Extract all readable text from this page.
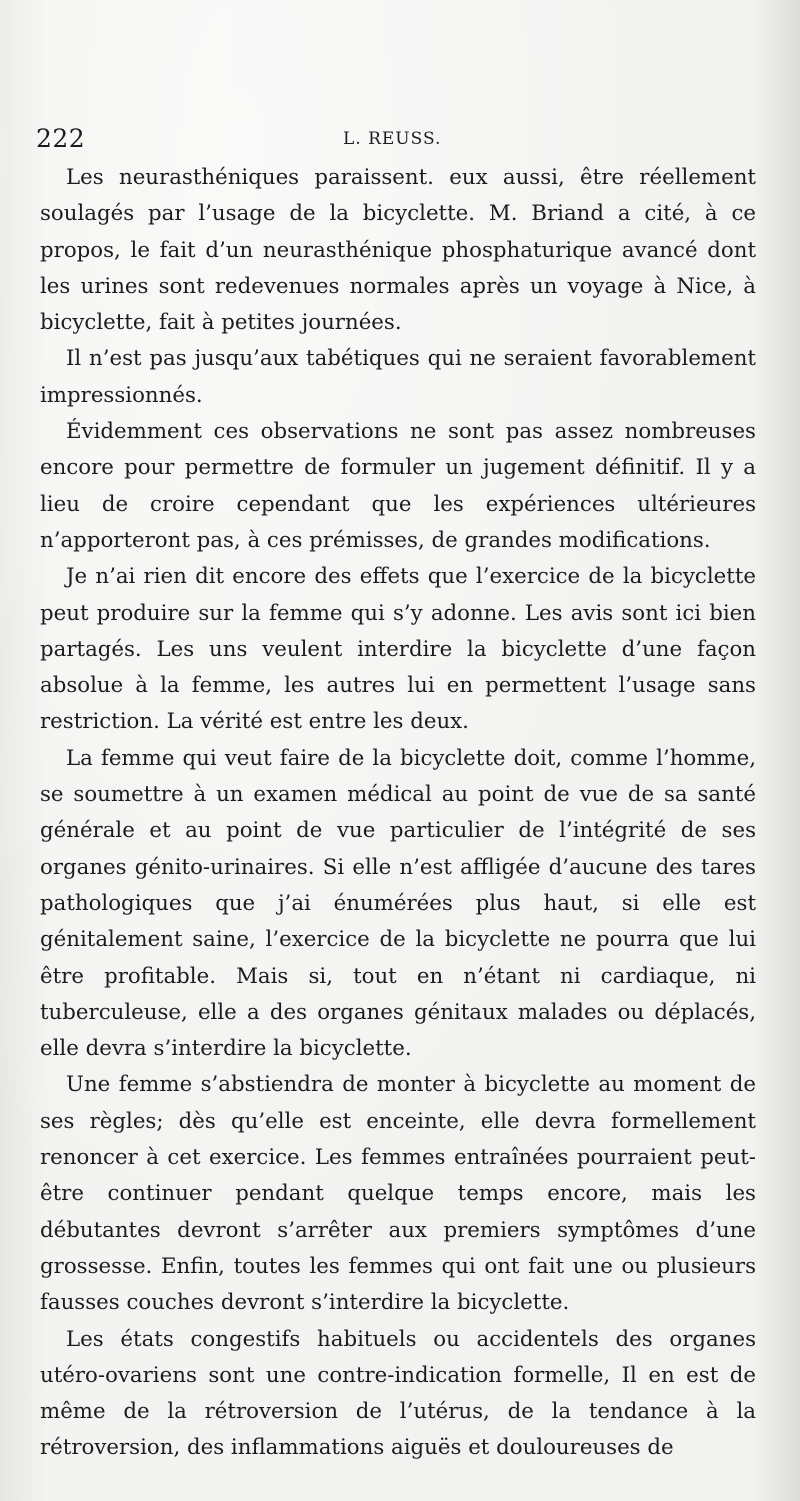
222	L. REUSS.

Les neurasthéniques paraissent. eux aussi, être réellement soulagés par l’usage de la bicyclette. M. Briand a cité, à ce propos, le fait d’un neurasthénique phosphaturique avancé dont les urines sont redevenues normales après un voyage à Nice, à bicyclette, fait à petites journées.

Il n’est pas jusqu’aux tabétiques qui ne seraient favorablement impressionnés.

Évidemment ces observations ne sont pas assez nombreuses encore pour permettre de formuler un jugement définitif. Il y a lieu de croire cependant que les expériences ultérieures n’apporteront pas, à ces prémisses, de grandes modifications.

Je n’ai rien dit encore des effets que l’exercice de la bicyclette peut produire sur la femme qui s’y adonne. Les avis sont ici bien partagés. Les uns veulent interdire la bicyclette d’une façon absolue à la femme, les autres lui en permettent l’usage sans restriction. La vérité est entre les deux.

La femme qui veut faire de la bicyclette doit, comme l’homme, se soumettre à un examen médical au point de vue de sa santé générale et au point de vue particulier de l’intégrité de ses organes génito-urinaires. Si elle n’est affligée d’aucune des tares pathologiques que j’ai énumérées plus haut, si elle est génitalement saine, l’exercice de la bicyclette ne pourra que lui être profitable. Mais si, tout en n’étant ni cardiaque, ni tuberculeuse, elle a des organes génitaux malades ou déplacés, elle devra s’interdire la bicyclette.

Une femme s’abstiendra de monter à bicyclette au moment de ses règles; dès qu’elle est enceinte, elle devra formellement renoncer à cet exercice. Les femmes entraînées pourraient peut-être continuer pendant quelque temps encore, mais les débutantes devront s’arrêter aux premiers symptômes d’une grossesse. Enfin, toutes les femmes qui ont fait une ou plusieurs fausses couches devront s’interdire la bicyclette.

Les états congestifs habituels ou accidentels des organes utéro-ovariens sont une contre-indication formelle, Il en est de même de la rétroversion de l’utérus, de la tendance à la rétroversion, des inflammations aiguës et douloureuses de
